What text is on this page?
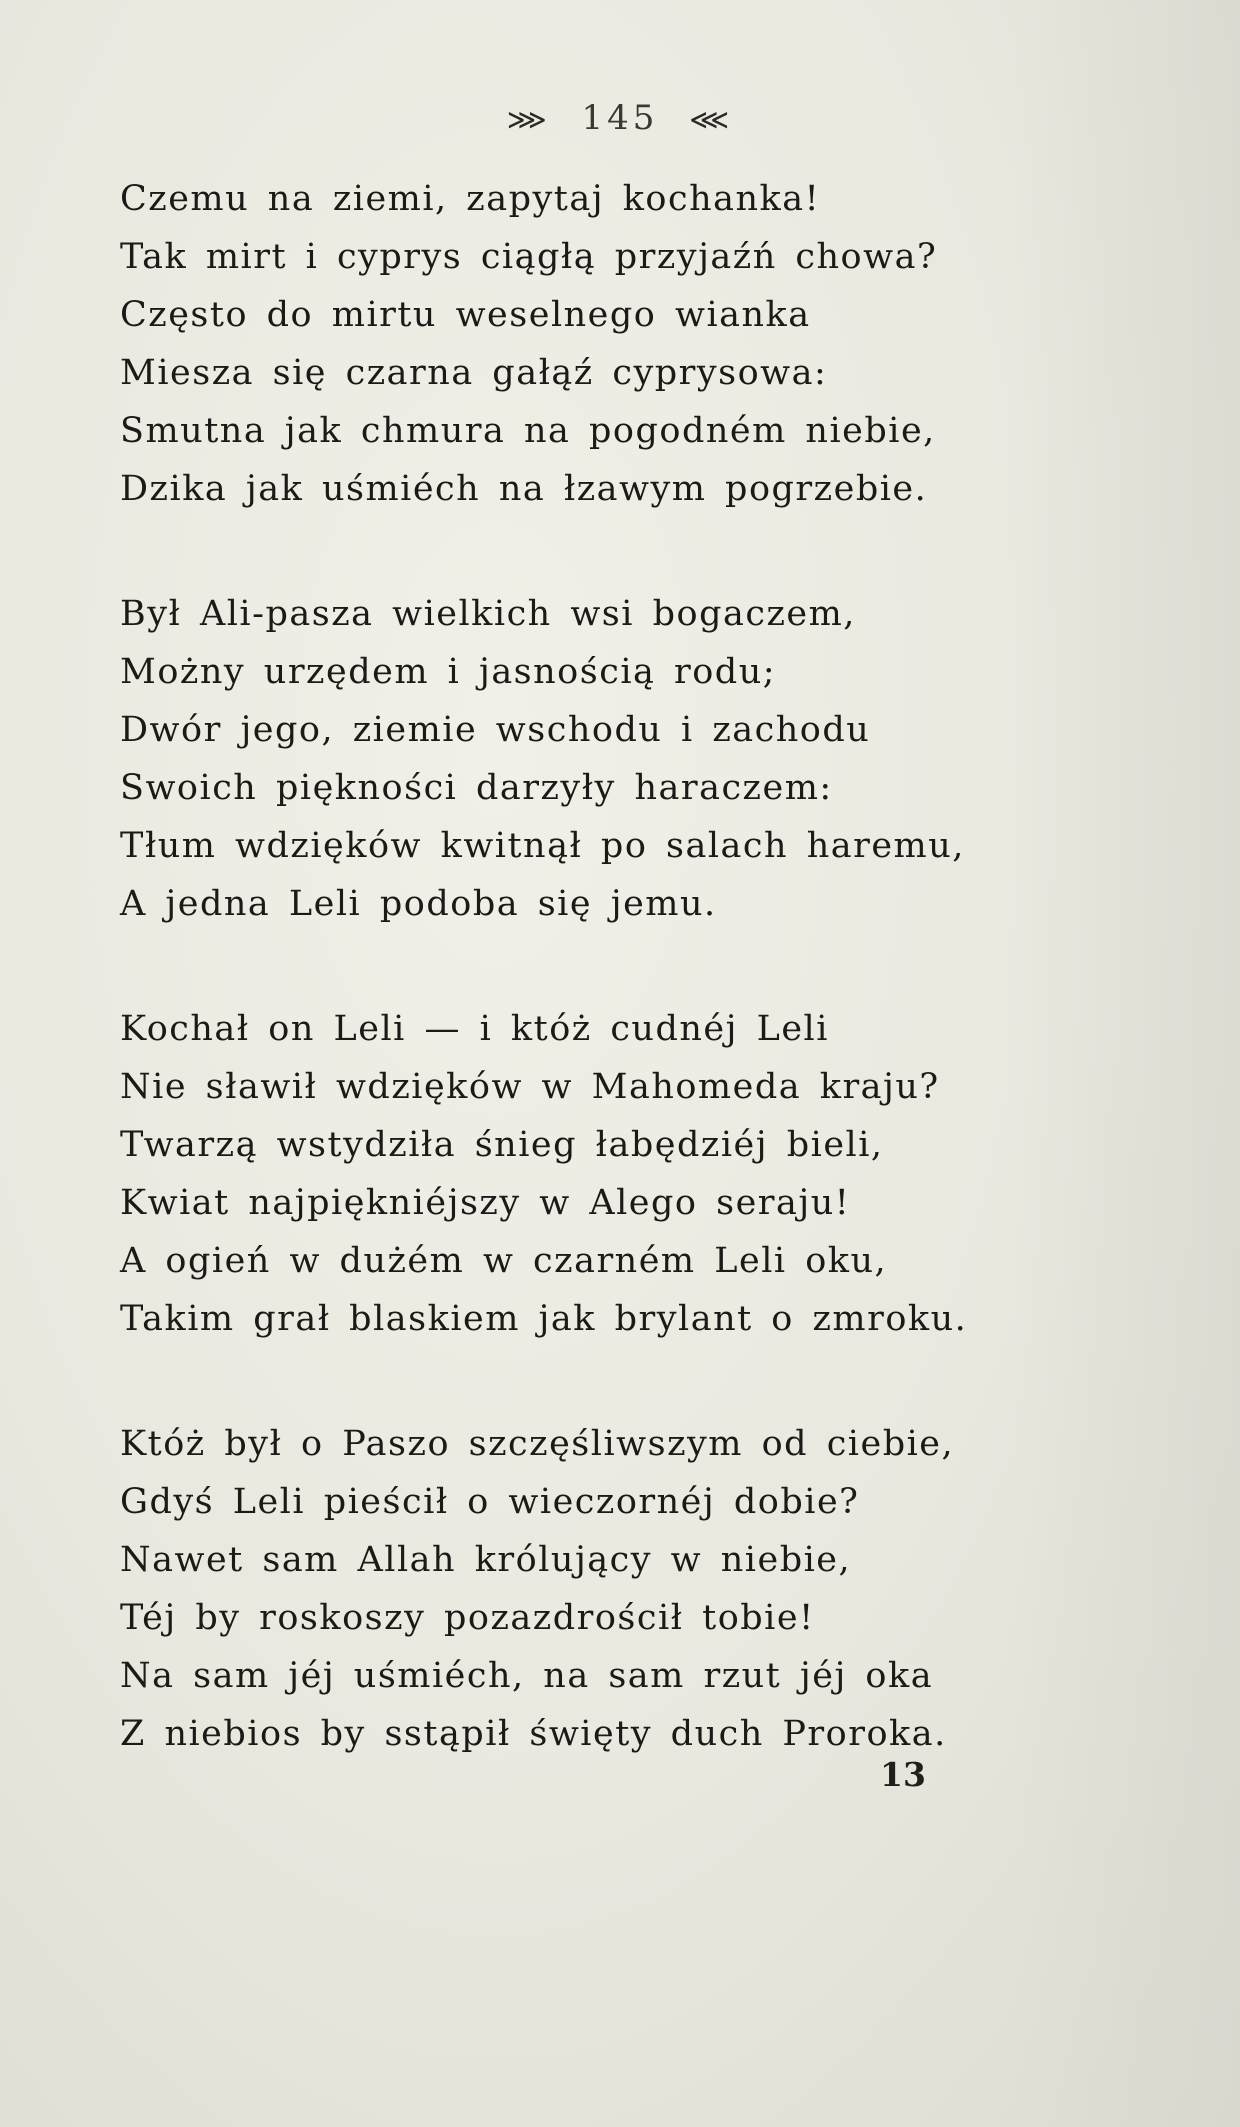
⋙ 145 ⋘
Czemu na ziemi, zapytaj kochanka!
Tak mirt i cyprys ciągłą przyjaźń chowa?
Często do mirtu weselnego wianka
Miesza się czarna gałąź cyprysowa:
Smutna jak chmura na pogodném niebie,
Dzika jak uśmiéch na łzawym pogrzebie.
Był Ali-pasza wielkich wsi bogaczem,
Możny urzędem i jasnością rodu;
Dwór jego, ziemie wschodu i zachodu
Swoich piękności darzyły haraczem:
Tłum wdzięków kwitnął po salach haremu,
A jedna Leli podoba się jemu.
Kochał on Leli — i któż cudnéj Leli
Nie sławił wdzięków w Mahomeda kraju?
Twarzą wstydziła śnieg łabędziéj bieli,
Kwiat najpiękniéjszy w Alego seraju!
A ogień w dużém w czarném Leli oku,
Takim grał blaskiem jak brylant o zmroku.
Któż był o Paszo szczęśliwszym od ciebie,
Gdyś Leli pieścił o wieczornéj dobie?
Nawet sam Allah królujący w niebie,
Téj by roskoszy pozazdrościł tobie!
Na sam jéj uśmiéch, na sam rzut jéj oka
Z niebios by sstąpił święty duch Proroka.
13
